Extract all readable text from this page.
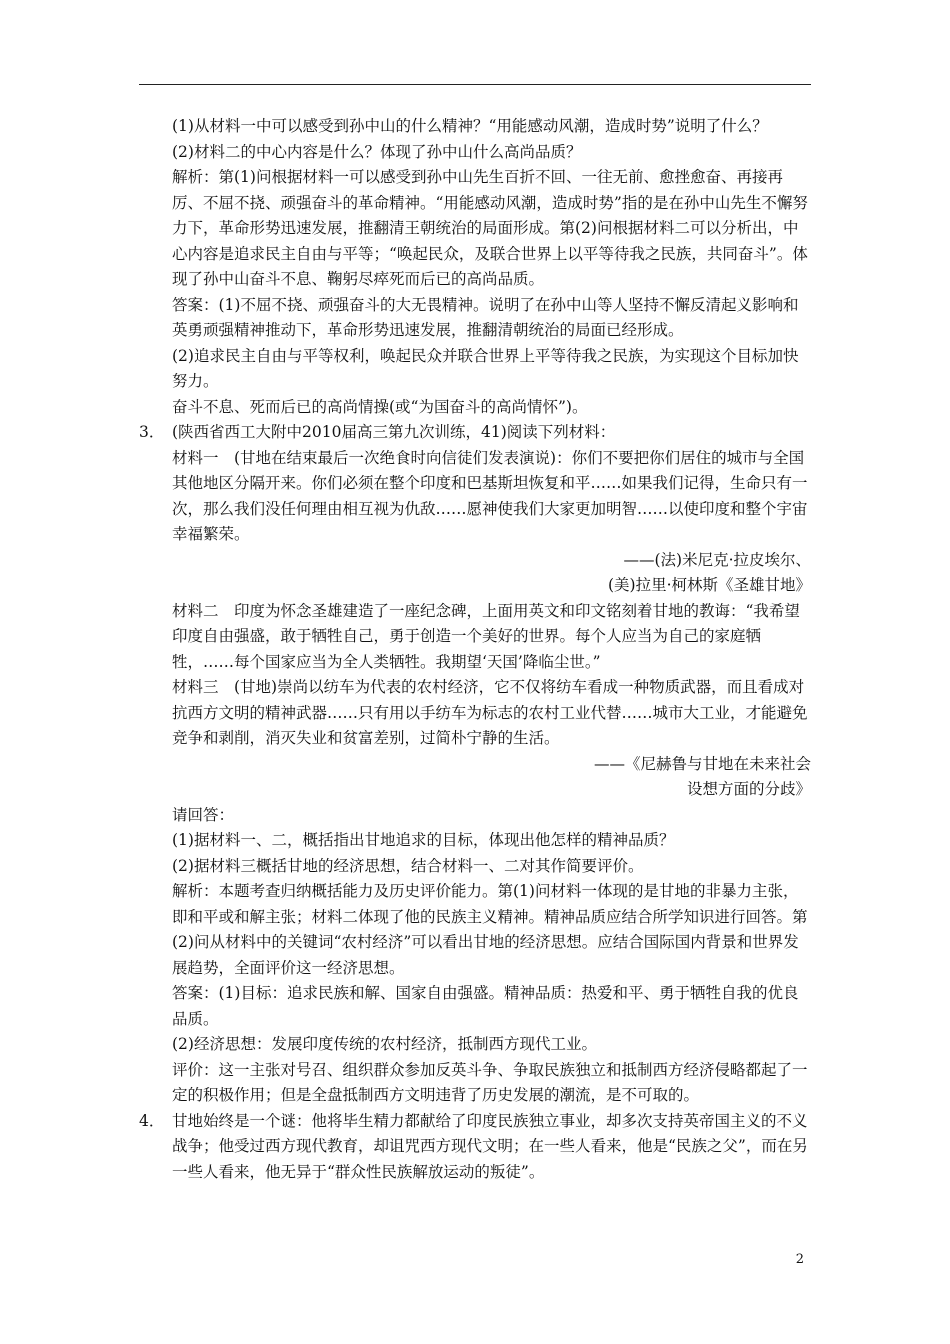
(1)从材料一中可以感受到孙中山的什么精神？“用能感动风潮，造成时势”说明了什么？

(2)材料二的中心内容是什么？体现了孙中山什么高尚品质？

解析：第(1)问根据材料一可以感受到孙中山先生百折不回、一往无前、愈挫愈奋、再接再厉、不屈不挠、顽强奋斗的革命精神。“用能感动风潮，造成时势”指的是在孙中山先生不懈努力下，革命形势迅速发展，推翻清王朝统治的局面形成。第(2)问根据材料二可以分析出，中心内容是追求民主自由与平等；“唤起民众，及联合世界上以平等待我之民族，共同奋斗”。体现了孙中山奋斗不息、鞠躬尽瘁死而后已的高尚品质。

答案：(1)不屈不挠、顽强奋斗的大无畏精神。说明了在孙中山等人坚持不懈反清起义影响和英勇顽强精神推动下，革命形势迅速发展，推翻清朝统治的局面已经形成。

(2)追求民主自由与平等权利，唤起民众并联合世界上平等待我之民族，为实现这个目标加快努力。

奋斗不息、死而后已的高尚情操(或“为国奋斗的高尚情怀”)。

3． (陕西省西工大附中2010届高三第九次训练，41)阅读下列材料：

材料一　(甘地在结束最后一次绝食时向信徒们发表演说)：你们不要把你们居住的城市与全国其他地区分隔开来。你们必须在整个印度和巴基斯坦恢复和平……如果我们记得，生命只有一次，那么我们没任何理由相互视为仇敌……愿神使我们大家更加明智……以使印度和整个宇宙幸福繁荣。

——(法)米尼克·拉皮埃尔、

(美)拉里·柯林斯《圣雄甘地》

材料二　印度为怀念圣雄建造了一座纪念碑，上面用英文和印文铭刻着甘地的教诲：“我希望印度自由强盛，敢于牺牲自己，勇于创造一个美好的世界。每个人应当为自己的家庭牺牲，……每个国家应当为全人类牺牲。我期望‘天国’降临尘世。”

材料三　(甘地)崇尚以纺车为代表的农村经济，它不仅将纺车看成一种物质武器，而且看成对抗西方文明的精神武器……只有用以手纺车为标志的农村工业代替……城市大工业，才能避免竞争和剥削，消灭失业和贫富差别，过简朴宁静的生活。

——《尼赫鲁与甘地在未来社会

设想方面的分歧》

请回答：

(1)据材料一、二，概括指出甘地追求的目标，体现出他怎样的精神品质？

(2)据材料三概括甘地的经济思想，结合材料一、二对其作简要评价。

解析：本题考查归纳概括能力及历史评价能力。第(1)问材料一体现的是甘地的非暴力主张，即和平或和解主张；材料二体现了他的民族主义精神。精神品质应结合所学知识进行回答。第(2)问从材料中的关键词“农村经济”可以看出甘地的经济思想。应结合国际国内背景和世界发展趋势，全面评价这一经济思想。

答案：(1)目标：追求民族和解、国家自由强盛。精神品质：热爱和平、勇于牺牲自我的优良品质。

(2)经济思想：发展印度传统的农村经济，抵制西方现代工业。

评价：这一主张对号召、组织群众参加反英斗争、争取民族独立和抵制西方经济侵略都起了一定的积极作用；但是全盘抵制西方文明违背了历史发展的潮流，是不可取的。

4． 甘地始终是一个谜：他将毕生精力都献给了印度民族独立事业，却多次支持英帝国主义的不义战争；他受过西方现代教育，却诅咒西方现代文明；在一些人看来，他是“民族之父”，而在另一些人看来，他无异于“群众性民族解放运动的叛徒”。
2
